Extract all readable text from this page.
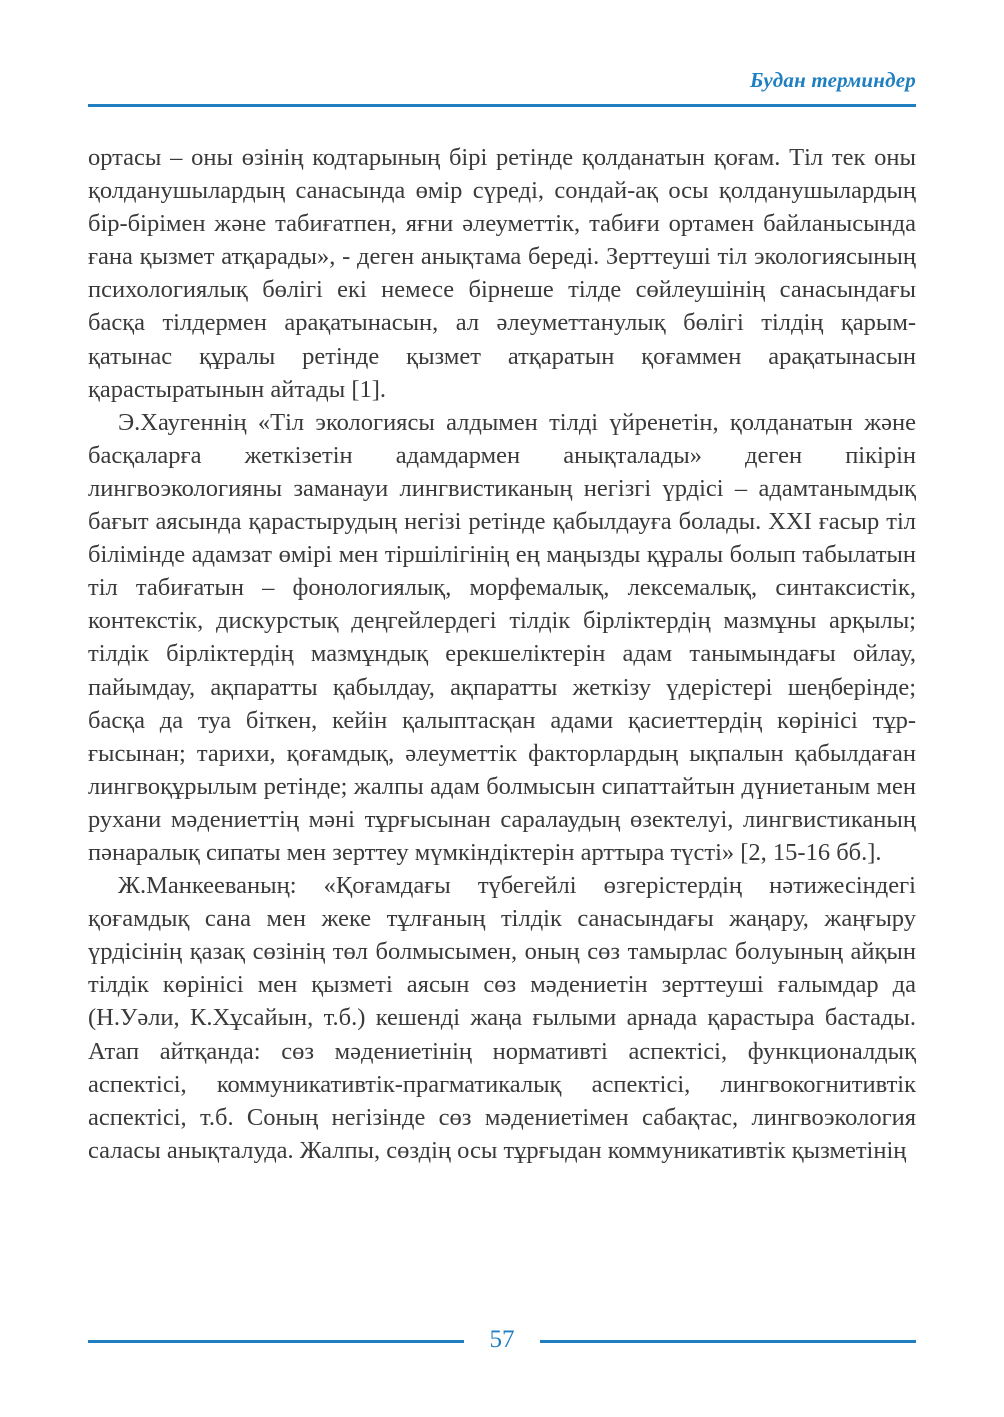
Будан терминдер

ортасы – оны өзінің кодтарының бірі ретінде қолданатын қоғам. Тіл тек оны қолданушылардың санасында өмір сүреді, сондай-ақ осы қолданушылардың бір-бірімен және табиғатпен, яғни әлеуметтік, табиғи ортамен байланысында ғана қызмет атқарады», - деген анықтама береді. Зерттеуші тіл экологиясының психологиялық бөлігі екі немесе бірнеше тілде сөйлеушінің санасындағы басқа тілдермен арақатынасын, ал әлеуметтанулық бөлігі тілдің қарым-қатынас құралы ретінде қызмет атқаратын қоғаммен арақатынасын қарастыратынын айтады [1].

Э.Хаугеннің «Тіл экологиясы алдымен тілді үйренетін, қолданатын және басқаларға жеткізетін адамдармен анықталады» деген пікірін лингвоэкологияны заманауи лингвистиканың негізгі үрдісі – адамтанымдық бағыт аясында қарастырудың негізі ретінде қабылдауға болады. XXI ғасыр тіл білімінде адамзат өмірі мен тіршілігінің ең маңызды құралы болып табылатын тіл табиғатын – фонологиялық, морфемалық, лексемалық, синтаксистік, контекстік, дискурстық деңгейлердегі тілдік бірліктердің мазмұны арқылы; тілдік бірліктердің мазмұндық ерекшеліктерін адам танымындағы ойлау, пайымдау, ақпаратты қабылдау, ақпаратты жеткізу үдерістері шеңберінде; басқа да туа біткен, кейін қалыптасқан адами қасиеттердің көрінісі тұрғысынан; тарихи, қоғамдық, әлеуметтік факторлардың ықпалын қабылдаған лингвоқұрылым ретінде; жалпы адам болмысын сипаттайтын дүниетаным мен рухани мәдениеттің мәні тұрғысынан саралаудың өзектелуі, лингвистиканың пәнаралық сипаты мен зерттеу мүмкіндіктерін арттыра түсті» [2, 15-16 бб.].

Ж.Манкееваның: «Қоғамдағы түбегейлі өзгерістердің нәтижесіндегі қоғамдық сана мен жеке тұлғаның тілдік санасындағы жаңару, жаңғыру үрдісінің қазақ сөзінің төл болмысымен, оның сөз тамырлас болуының айқын тілдік көрінісі мен қызметі аясын сөз мәдениетін зерттеуші ғалымдар да (Н.Уәли, К.Хұсайын, т.б.) кешенді жаңа ғылыми арнада қарастыра бастады. Атап айтқанда: сөз мәдениетінің нормативті аспектісі, функционалдық аспектісі, коммуникативтік-прагматикалық аспектісі, лингвокогнитивтік аспектісі, т.б. Соның негізінде сөз мәдениетімен сабақтас, лингвоэкология саласы анықталуда. Жалпы, сөздің осы тұрғыдан коммуникативтік қызметінің

57
